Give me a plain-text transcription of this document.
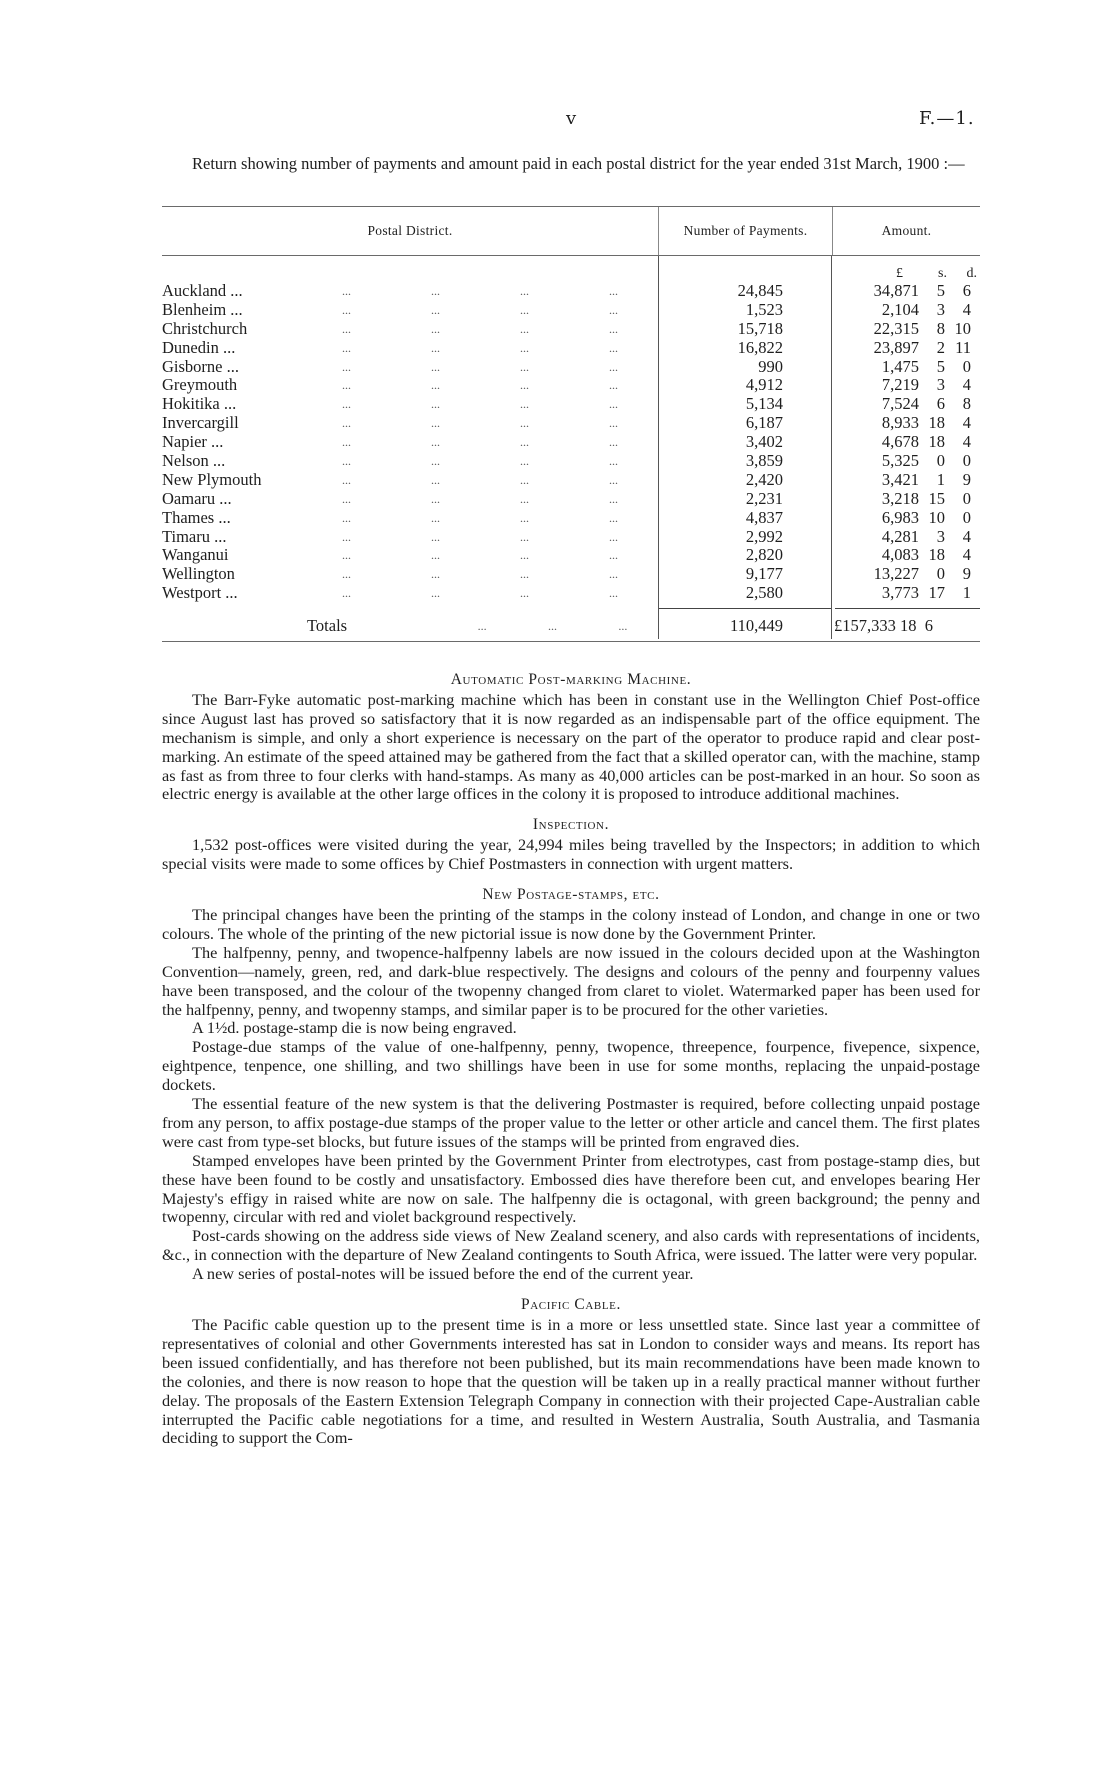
v	F.—1.

Return showing number of payments and amount paid in each postal district for the year ended 31st March, 1900 :—

Postal District.	Number of Payments.	Amount.
£	s.	d.
Auckland ...	...	...	...	...	24,845	34,871	5	6
Blenheim ...	...	...	...	...	1,523	2,104	3	4
Christchurch	...	...	...	...	15,718	22,315	8 10
Dunedin ...	...	...	...	...	16,822	23,897	2 11
Gisborne ...	...	...	...	...	990	1,475	5	0
Greymouth	...	...	...	...	4,912	7,219	3	4
Hokitika ...	...	...	...	...	5,134	7,524	6	8
Invercargill	...	...	...	...	6,187	8,933 18	4
Napier ...	...	...	...	...	3,402	4,678 18	4
Nelson ...	...	...	...	...	3,859	5,325	0	0
New Plymouth	...	...	...	...	2,420	3,421	1	9
Oamaru ...	...	...	...	...	2,231	3,218 15	0
Thames ...	...	...	...	...	4,837	6,983 10	0
Timaru ...	...	...	...	...	2,992	4,281	3	4
Wanganui	...	...	...	...	2,820	4,083 18	4
Wellington	...	...	...	...	9,177	13,227	0	9
Westport ...	...	...	...	...	2,580	3,773 17	1
Totals	...	...	...	110,449	£157,333 18  6
Automatic Post-marking Machine.

The Barr-Fyke automatic post-marking machine which has been in constant use in the Wellington Chief Post-office since August last has proved so satisfactory that it is now regarded as an indispensable part of the office equipment. The mechanism is simple, and only a short experience is necessary on the part of the operator to produce rapid and clear post-marking. An estimate of the speed attained may be gathered from the fact that a skilled operator can, with the machine, stamp as fast as from three to four clerks with hand-stamps. As many as 40,000 articles can be post-marked in an hour. So soon as electric energy is available at the other large offices in the colony it is proposed to introduce additional machines.

Inspection.

1,532 post-offices were visited during the year, 24,994 miles being travelled by the Inspectors; in addition to which special visits were made to some offices by Chief Postmasters in connection with urgent matters.

New Postage-stamps, etc.

The principal changes have been the printing of the stamps in the colony instead of London, and change in one or two colours. The whole of the printing of the new pictorial issue is now done by the Government Printer.

The halfpenny, penny, and twopence-halfpenny labels are now issued in the colours decided upon at the Washington Convention—namely, green, red, and dark-blue respectively. The designs and colours of the penny and fourpenny values have been transposed, and the colour of the twopenny changed from claret to violet. Watermarked paper has been used for the halfpenny, penny, and twopenny stamps, and similar paper is to be procured for the other varieties.

A 1½d. postage-stamp die is now being engraved.

Postage-due stamps of the value of one-halfpenny, penny, twopence, threepence, fourpence, fivepence, sixpence, eightpence, tenpence, one shilling, and two shillings have been in use for some months, replacing the unpaid-postage dockets.

The essential feature of the new system is that the delivering Postmaster is required, before collecting unpaid postage from any person, to affix postage-due stamps of the proper value to the letter or other article and cancel them. The first plates were cast from type-set blocks, but future issues of the stamps will be printed from engraved dies.

Stamped envelopes have been printed by the Government Printer from electrotypes, cast from postage-stamp dies, but these have been found to be costly and unsatisfactory. Embossed dies have therefore been cut, and envelopes bearing Her Majesty's effigy in raised white are now on sale. The halfpenny die is octagonal, with green background; the penny and twopenny, circular with red and violet background respectively.

Post-cards showing on the address side views of New Zealand scenery, and also cards with representations of incidents, &c., in connection with the departure of New Zealand contingents to South Africa, were issued. The latter were very popular.

A new series of postal-notes will be issued before the end of the current year.

Pacific Cable.

The Pacific cable question up to the present time is in a more or less unsettled state. Since last year a committee of representatives of colonial and other Governments interested has sat in London to consider ways and means. Its report has been issued confidentially, and has therefore not been published, but its main recommendations have been made known to the colonies, and there is now reason to hope that the question will be taken up in a really practical manner without further delay. The proposals of the Eastern Extension Telegraph Company in connection with their projected Cape-Australian cable interrupted the Pacific cable negotiations for a time, and resulted in Western Australia, South Australia, and Tasmania deciding to support the Com-
